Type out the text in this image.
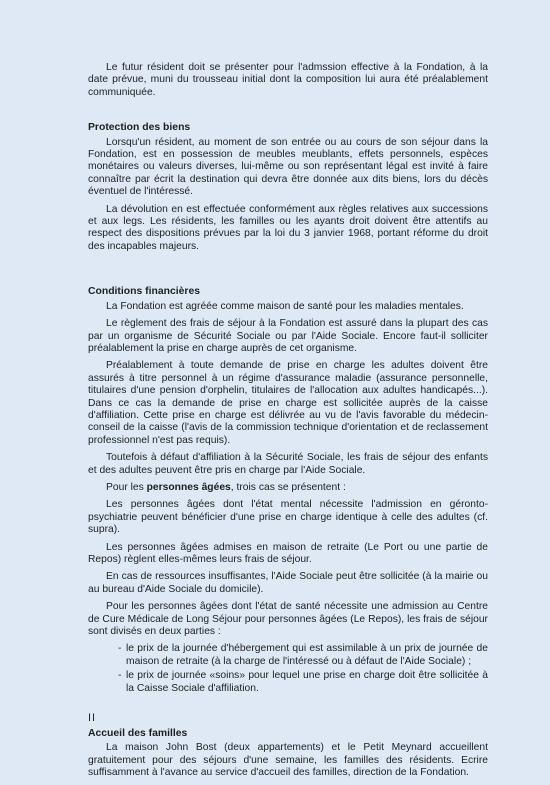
Le futur résident doit se présenter pour l'admssion effective à la Fondation, à la date prévue, muni du trousseau initial dont la composition lui aura été préalablement communiquée.

Protection des biens

Lorsqu'un résident, au moment de son entrée ou au cours de son séjour dans la Fondation, est en possession de meubles meublants, effets personnels, espèces monétaires ou valeurs diverses, lui-même ou son représentant légal est invité à faire connaître par écrit la destination qui devra être donnée aux dits biens, lors du décès éventuel de l'intéressé.

La dévolution en est effectuée conformément aux règles relatives aux successions et aux legs. Les résidents, les familles ou les ayants droit doivent être attentifs au respect des dispositions prévues par la loi du 3 janvier 1968, portant réforme du droit des incapables majeurs.

Conditions financières

La Fondation est agréée comme maison de santé pour les maladies mentales.

Le règlement des frais de séjour à la Fondation est assuré dans la plupart des cas par un organisme de Sécurité Sociale ou par l'Aide Sociale. Encore faut-il solliciter préalablement la prise en charge auprès de cet organisme.

Préalablement à toute demande de prise en charge les adultes doivent être assurés à titre personnel à un régime d'assurance maladie (assurance personnelle, titulaires d'une pension d'orphelin, titulaires de l'allocation aux adultes handicapés...). Dans ce cas la demande de prise en charge est sollicitée auprès de la caisse d'affiliation. Cette prise en charge est délivrée au vu de l'avis favorable du médecin-conseil de la caisse (l'avis de la commission technique d'orientation et de reclassement professionnel n'est pas requis).

Toutefois à défaut d'affiliation à la Sécurité Sociale, les frais de séjour des enfants et des adultes peuvent être pris en charge par l'Aide Sociale.

Pour les personnes âgées, trois cas se présentent :

Les personnes âgées dont l'état mental nécessite l'admission en géronto-psychiatrie peuvent bénéficier d'une prise en charge identique à celle des adultes (cf. supra).

Les personnes âgées admises en maison de retraite (Le Port ou une partie de Repos) règlent elles-mêmes leurs frais de séjour.

En cas de ressources insuffisantes, l'Aide Sociale peut être sollicitée (à la mairie ou au bureau d'Aide Sociale du domicile).

Pour les personnes âgées dont l'état de santé nécessite une admission au Centre de Cure Médicale de Long Séjour pour personnes âgées (Le Repos), les frais de séjour sont divisés en deux parties :

- le prix de la journée d'hébergement qui est assimilable à un prix de journée de maison de retraite (à la charge de l'intéressé ou à défaut de l'Aide Sociale) ;
- le prix de journée «soins» pour lequel une prise en charge doit être sollicitée à la Caisse Sociale d'affiliation.
Accueil des familles

La maison John Bost (deux appartements) et le Petit Meynard accueillent gratuitement pour des séjours d'une semaine, les familles des résidents. Ecrire suffisamment à l'avance au service d'accueil des familles, direction de la Fondation.

II
